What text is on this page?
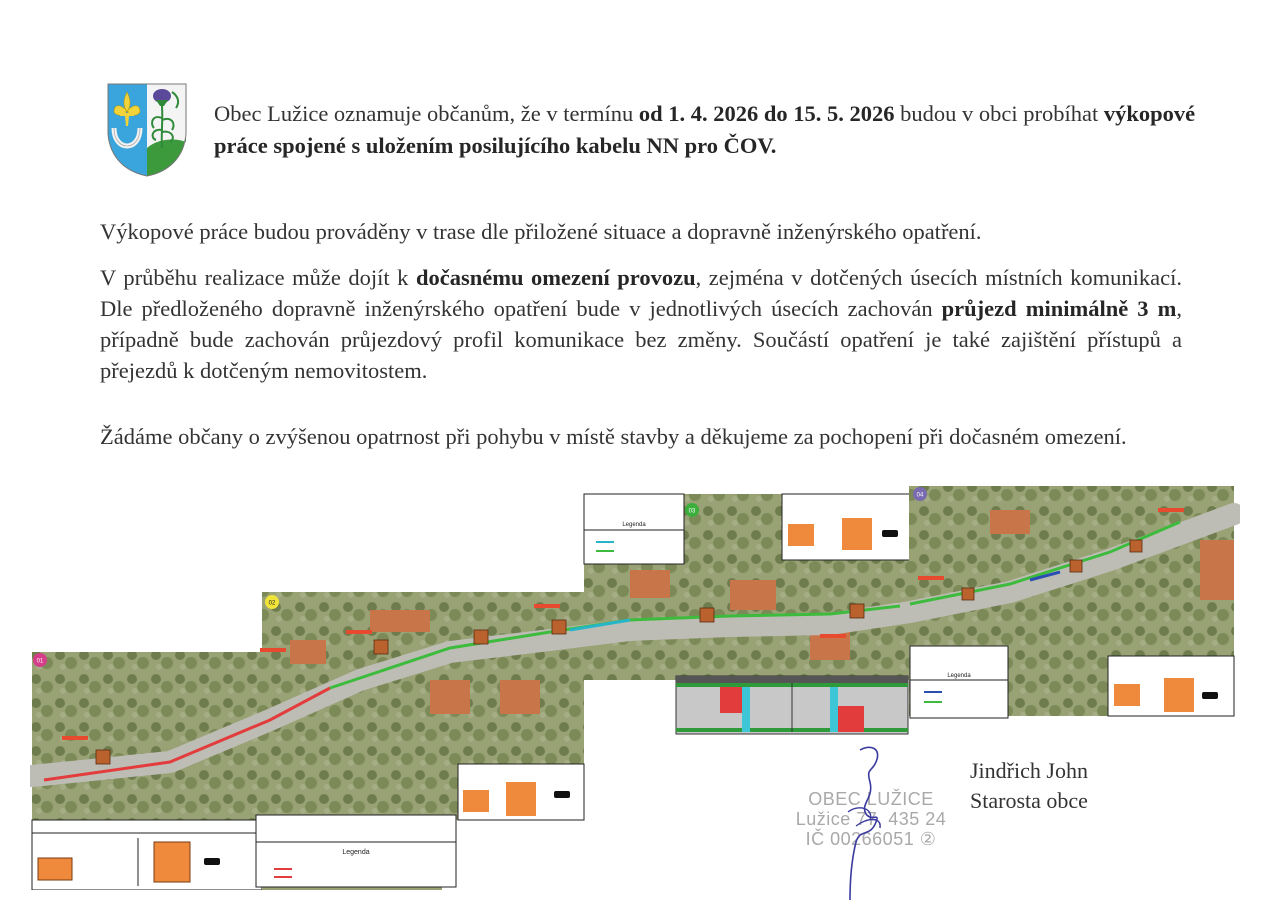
Obec Lužice oznamuje občanům, že v termínu od 1. 4. 2026 do 15. 5. 2026 budou v obci probíhat výkopové práce spojené s uložením posilujícího kabelu NN pro ČOV.
Výkopové práce budou prováděny v trase dle přiložené situace a dopravně inženýrského opatření.
V průběhu realizace může dojít k dočasnému omezení provozu, zejména v dotčených úsecích místních komunikací. Dle předloženého dopravně inženýrského opatření bude v jednotlivých úsecích zachován průjezd minimálně 3 m, případně bude zachován průjezdový profil komunikace bez změny. Součástí opatření je také zajištění přístupů a přejezdů k dotčeným nemovitostem.
Žádáme občany o zvýšenou opatrnost při pohybu v místě stavby a děkujeme za pochopení při dočasném omezení.
Legenda
Legenda
Legenda
01
02
03
04
OBEC LUŽICE
Lužice 77, 435 24
IČ 00266051 ②
Jindřich John
Starosta obce
